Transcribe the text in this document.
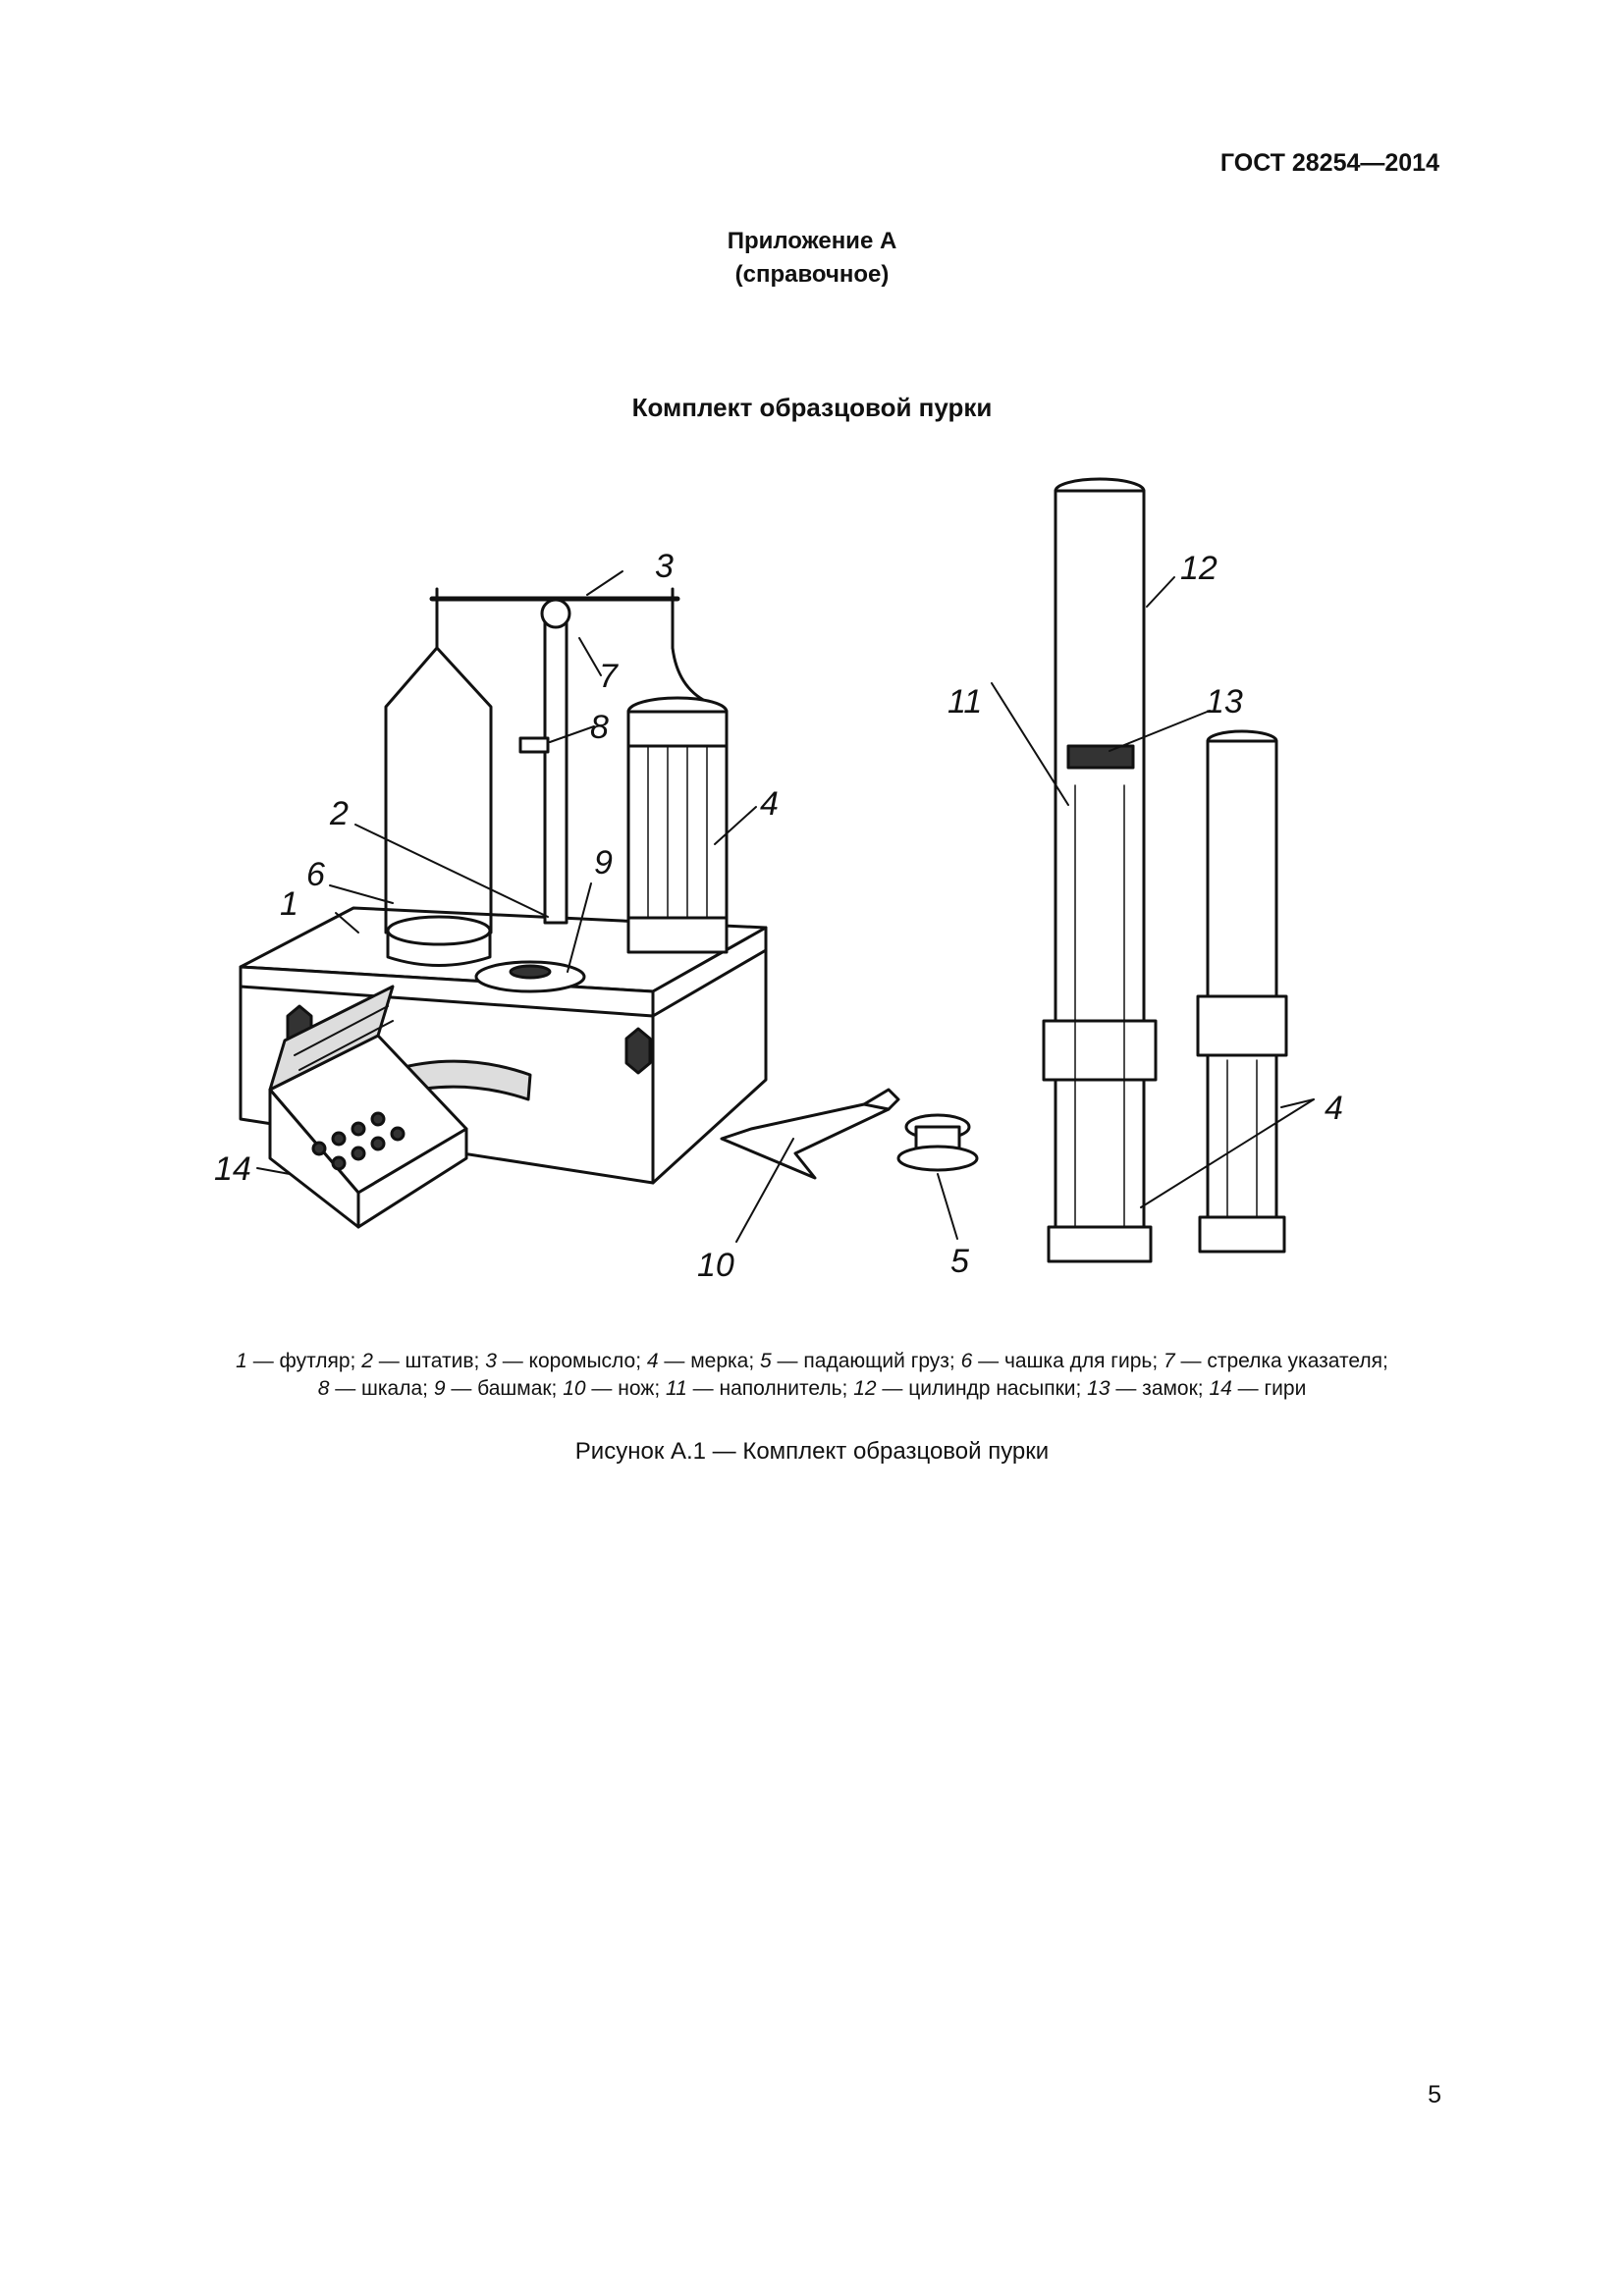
ГОСТ 28254—2014
Приложение А
(справочное)
Комплект образцовой пурки
3	12
11	13
7
8
2	4
9
6
1
4
14
10	5
1 — футляр; 2 — штатив; 3 — коромысло; 4 — мерка; 5 — падающий груз; 6 — чашка для гирь; 7 — стрелка указателя;
8 — шкала; 9 — башмак; 10 — нож; 11 — наполнитель; 12 — цилиндр насыпки; 13 — замок; 14 — гири
Рисунок А.1 — Комплект образцовой пурки
5
